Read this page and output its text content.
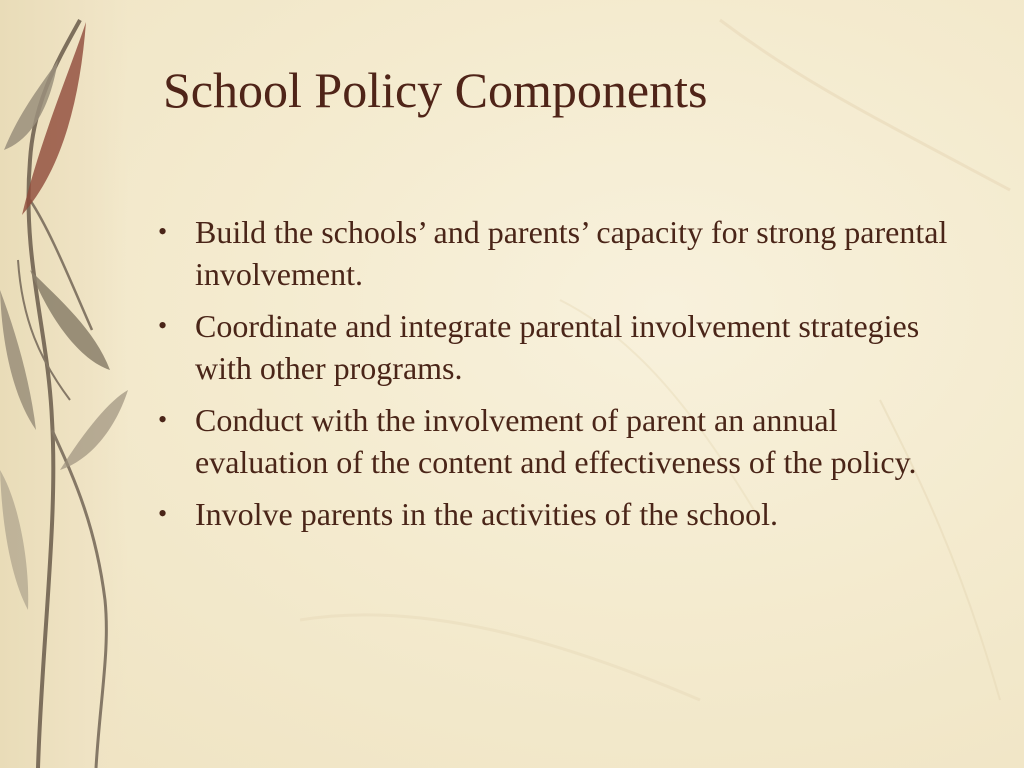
School Policy Components
• Build the schools’ and parents’ capacity for strong parental involvement.
• Coordinate and integrate parental involvement strategies with other programs.
• Conduct with the involvement of parent an annual evaluation of the content and effectiveness of the policy.
• Involve parents in the activities of the school.
